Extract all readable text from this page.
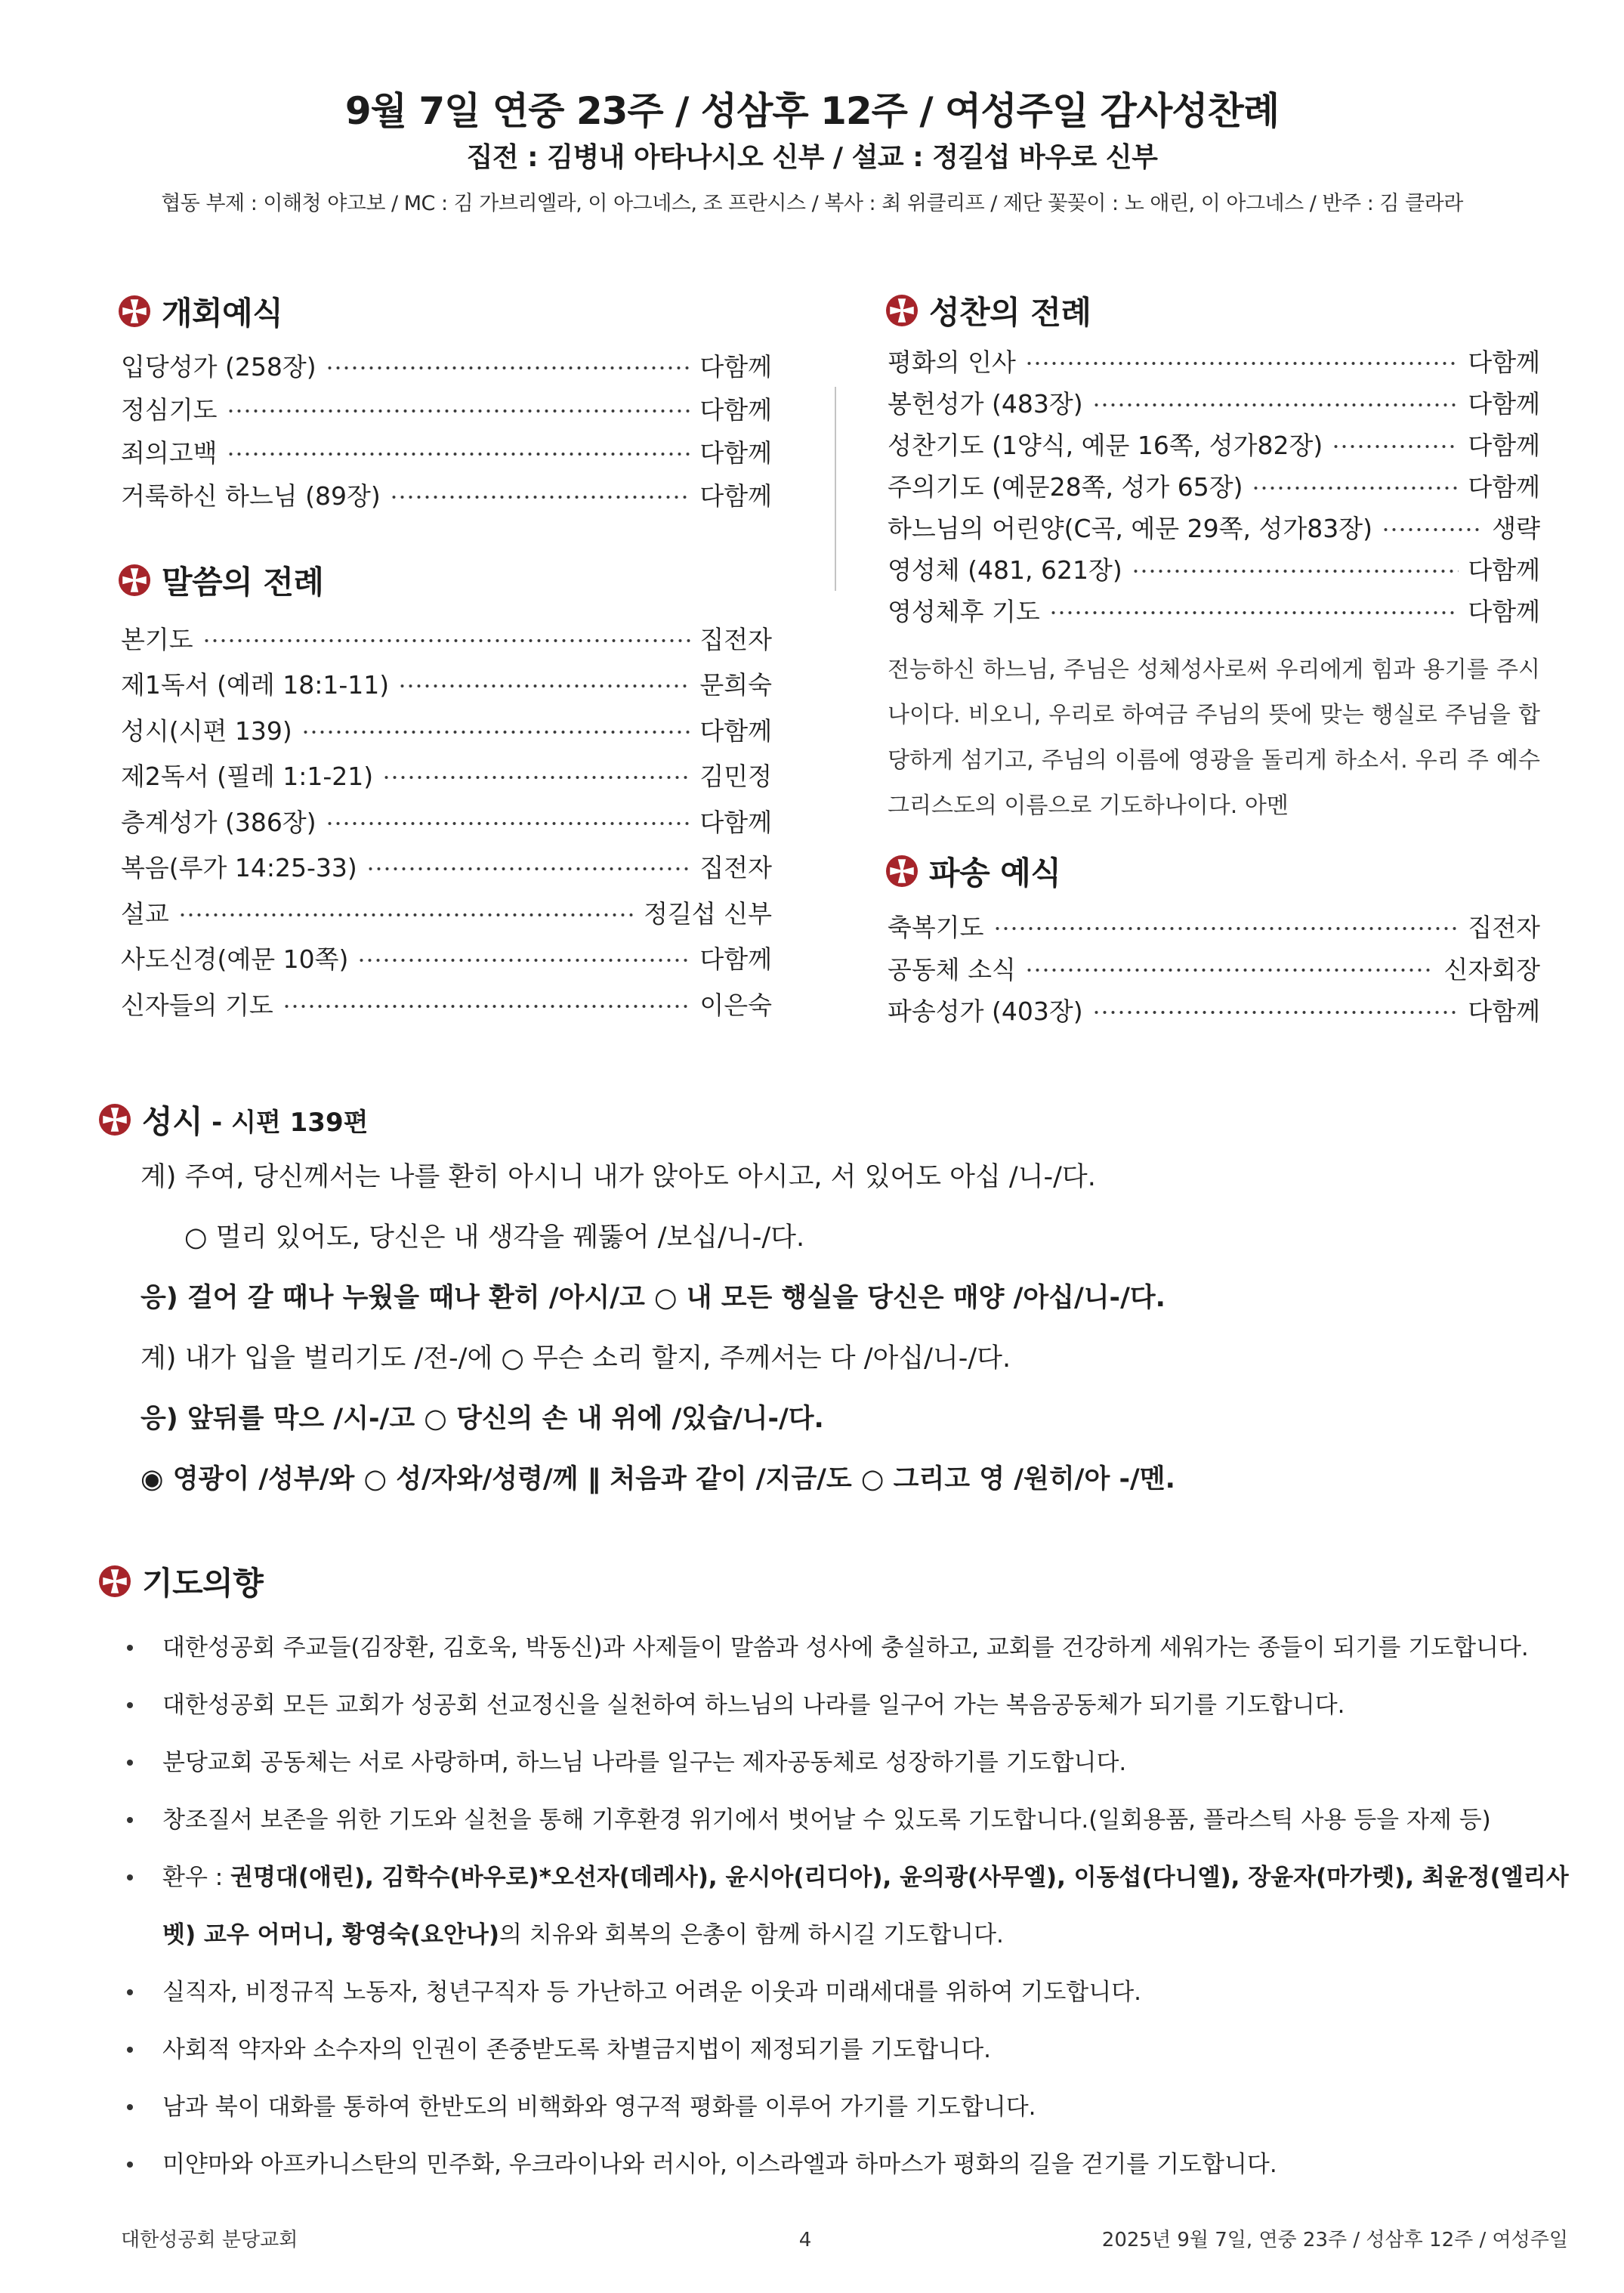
9월 7일 연중 23주 / 성삼후 12주 / 여성주일 감사성찬례
집전 : 김병내 아타나시오 신부 / 설교 : 정길섭 바우로 신부
협동 부제 : 이해청 야고보 / MC : 김 가브리엘라, 이 아그네스, 조 프란시스 / 복사 : 최 위클리프 / 제단 꽃꽂이 : 노 애린, 이 아그네스 / 반주 : 김 클라라
개회예식
입당성가 (258장)	다함께
정심기도	다함께
죄의고백	다함께
거룩하신 하느님 (89장)	다함께
말씀의 전례
본기도	집전자
제1독서 (예레 18:1-11)	문희숙
성시(시편 139)	다함께
제2독서 (필레 1:1-21)	김민정
층계성가 (386장)	다함께
복음(루가 14:25-33)	집전자
설교	정길섭 신부
사도신경(예문 10쪽)	다함께
신자들의 기도	이은숙
성찬의 전례
평화의 인사	다함께
봉헌성가 (483장)	다함께
성찬기도 (1양식, 예문 16쪽, 성가82장)	다함께
주의기도 (예문28쪽, 성가 65장)	다함께
하느님의 어린양(C곡, 예문 29쪽, 성가83장)	생략
영성체 (481, 621장)	다함께
영성체후 기도	다함께
전능하신 하느님, 주님은 성체성사로써 우리에게 힘과 용기를 주시나이다. 비오니, 우리로 하여금 주님의 뜻에 맞는 행실로 주님을 합당하게 섬기고, 주님의 이름에 영광을 돌리게 하소서. 우리 주 예수 그리스도의 이름으로 기도하나이다. 아멘
파송 예식
축복기도	집전자
공동체 소식	신자회장
파송성가 (403장)	다함께
성시 - 시편 139편
계) 주여, 당신께서는 나를 환히 아시니 내가 앉아도 아시고, 서 있어도 아십 /니-/다.
○ 멀리 있어도, 당신은 내 생각을 꿰뚫어 /보십/니-/다.
응) 걸어 갈 때나 누웠을 때나 환히 /아시/고 ○ 내 모든 행실을 당신은 매양 /아십/니-/다.
계) 내가 입을 벌리기도 /전-/에 ○ 무슨 소리 할지, 주께서는 다 /아십/니-/다.
응) 앞뒤를 막으 /시-/고 ○ 당신의 손 내 위에 /있습/니-/다.
◉ 영광이 /성부/와 ○ 성/자와/성령/께 ‖ 처음과 같이 /지금/도 ○ 그리고 영 /원히/아 -/멘.
기도의향
대한성공회 주교들(김장환, 김호욱, 박동신)과 사제들이 말씀과 성사에 충실하고, 교회를 건강하게 세워가는 종들이 되기를 기도합니다.
대한성공회 모든 교회가 성공회 선교정신을 실천하여 하느님의 나라를 일구어 가는 복음공동체가 되기를 기도합니다.
분당교회 공동체는 서로 사랑하며, 하느님 나라를 일구는 제자공동체로 성장하기를 기도합니다.
창조질서 보존을 위한 기도와 실천을 통해 기후환경 위기에서 벗어날 수 있도록 기도합니다.(일회용품, 플라스틱 사용 등을 자제 등)
환우 : 권명대(애린), 김학수(바우로)*오선자(데레사), 윤시아(리디아), 윤의광(사무엘), 이동섭(다니엘), 장윤자(마가렛), 최윤정(엘리사벳) 교우 어머니, 황영숙(요안나)의 치유와 회복의 은총이 함께 하시길 기도합니다.
실직자, 비정규직 노동자, 청년구직자 등 가난하고 어려운 이웃과 미래세대를 위하여 기도합니다.
사회적 약자와 소수자의 인권이 존중받도록 차별금지법이 제정되기를 기도합니다.
남과 북이 대화를 통하여 한반도의 비핵화와 영구적 평화를 이루어 가기를 기도합니다.
미얀마와 아프카니스탄의 민주화, 우크라이나와 러시아, 이스라엘과 하마스가 평화의 길을 걷기를 기도합니다.
대한성공회 분당교회	4	2025년 9월 7일, 연중 23주 / 성삼후 12주 / 여성주일
